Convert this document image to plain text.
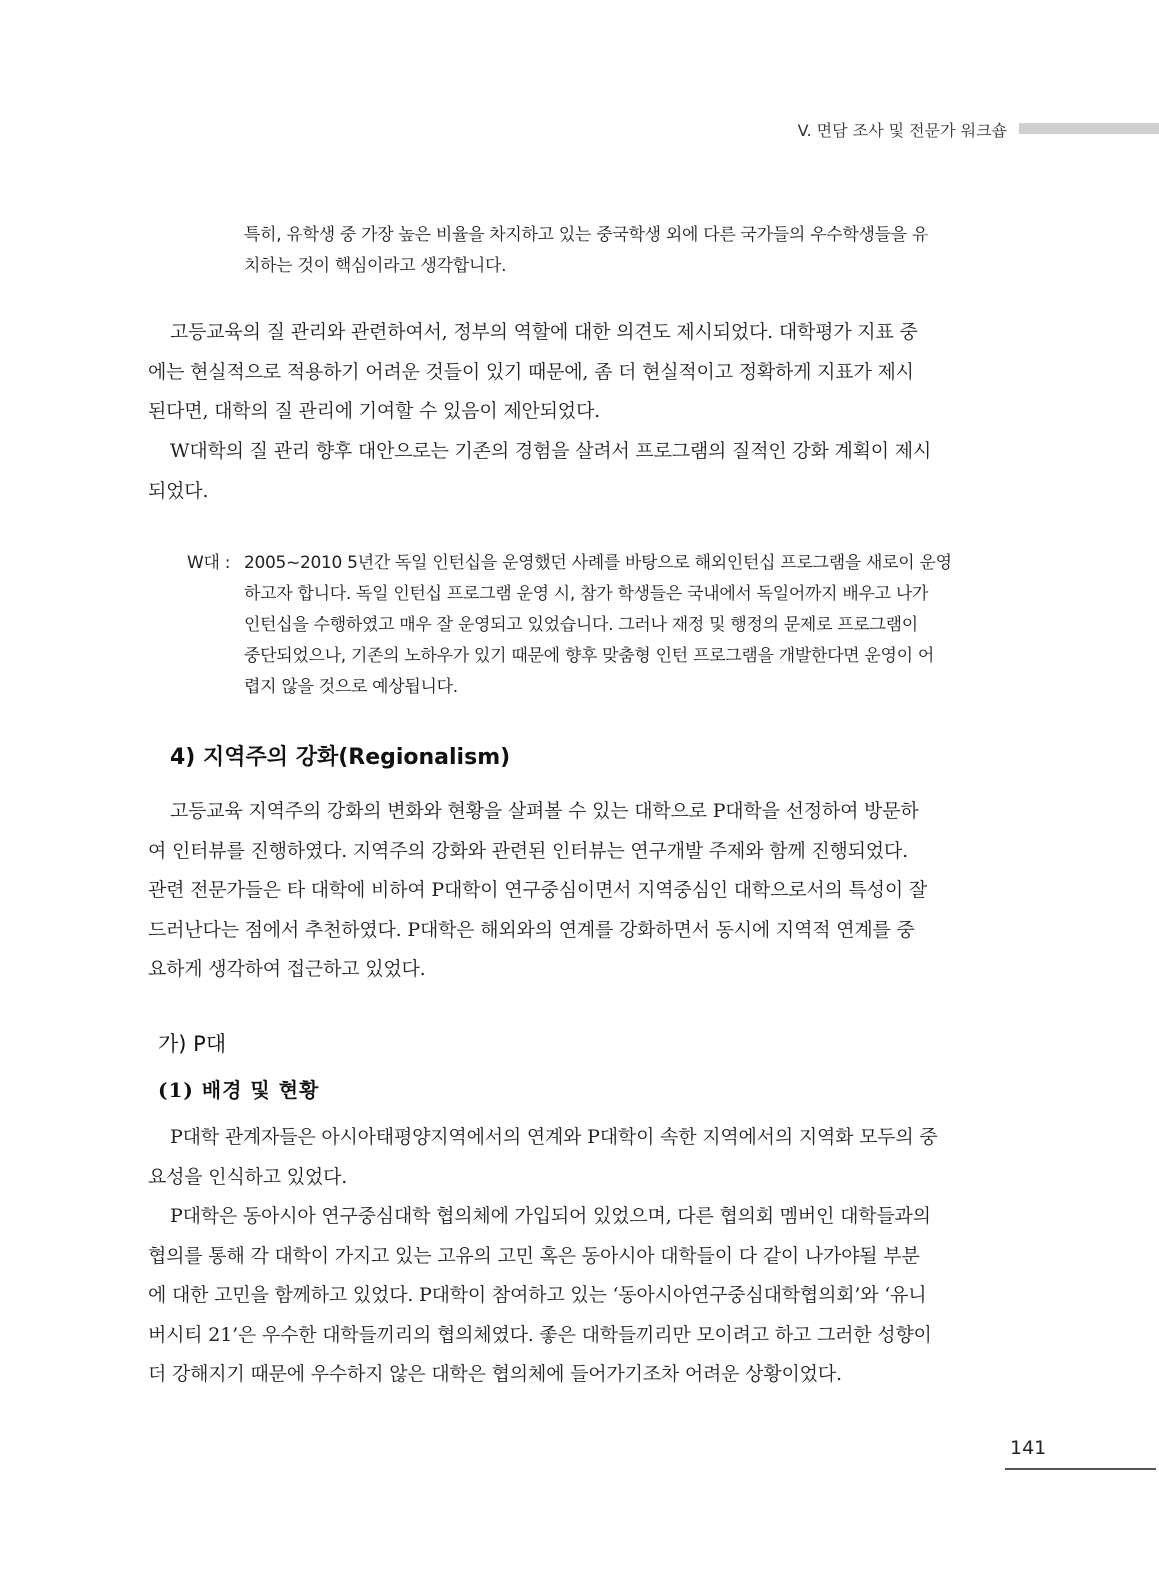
V. 면담 조사 및 전문가 워크숍
특히, 유학생 중 가장 높은 비율을 차지하고 있는 중국학생 외에 다른 국가들의 우수학생들을 유
치하는 것이 핵심이라고 생각합니다.
고등교육의 질 관리와 관련하여서, 정부의 역할에 대한 의견도 제시되었다. 대학평가 지표 중
에는 현실적으로 적용하기 어려운 것들이 있기 때문에, 좀 더 현실적이고 정확하게 지표가 제시
된다면, 대학의 질 관리에 기여할 수 있음이 제안되었다.
W대학의 질 관리 향후 대안으로는 기존의 경험을 살려서 프로그램의 질적인 강화 계획이 제시
되었다.
W대 : 2005~2010 5년간 독일 인턴십을 운영했던 사례를 바탕으로 해외인턴십 프로그램을 새로이 운영
하고자 합니다. 독일 인턴십 프로그램 운영 시, 참가 학생들은 국내에서 독일어까지 배우고 나가
인턴십을 수행하였고 매우 잘 운영되고 있었습니다. 그러나 재정 및 행정의 문제로 프로그램이
중단되었으나, 기존의 노하우가 있기 때문에 향후 맞춤형 인턴 프로그램을 개발한다면 운영이 어
렵지 않을 것으로 예상됩니다.
4) 지역주의 강화(Regionalism)
고등교육 지역주의 강화의 변화와 현황을 살펴볼 수 있는 대학으로 P대학을 선정하여 방문하
여 인터뷰를 진행하였다. 지역주의 강화와 관련된 인터뷰는 연구개발 주제와 함께 진행되었다.
관련 전문가들은 타 대학에 비하여 P대학이 연구중심이면서 지역중심인 대학으로서의 특성이 잘
드러난다는 점에서 추천하였다. P대학은 해외와의 연계를 강화하면서 동시에 지역적 연계를 중
요하게 생각하여 접근하고 있었다.
가) P대
(1) 배경 및 현황
P대학 관계자들은 아시아태평양지역에서의 연계와 P대학이 속한 지역에서의 지역화 모두의 중
요성을 인식하고 있었다.
P대학은 동아시아 연구중심대학 협의체에 가입되어 있었으며, 다른 협의회 멤버인 대학들과의
협의를 통해 각 대학이 가지고 있는 고유의 고민 혹은 동아시아 대학들이 다 같이 나가야될 부분
에 대한 고민을 함께하고 있었다. P대학이 참여하고 있는 ‘동아시아연구중심대학협의회’와 ‘유니
버시티 21’은 우수한 대학들끼리의 협의체였다. 좋은 대학들끼리만 모이려고 하고 그러한 성향이
더 강해지기 때문에 우수하지 않은 대학은 협의체에 들어가기조차 어려운 상황이었다.
141
